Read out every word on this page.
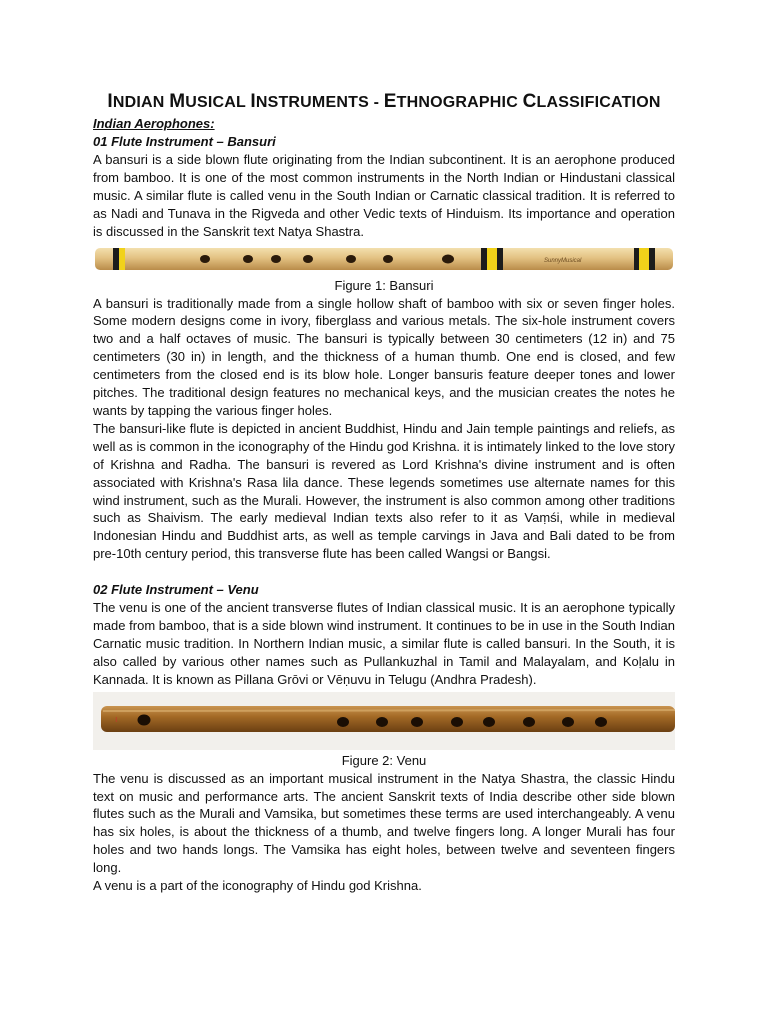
INDIAN MUSICAL INSTRUMENTS - ETHNOGRAPHIC CLASSIFICATION
Indian Aerophones:
01 Flute Instrument – Bansuri

A bansuri is a side blown flute originating from the Indian subcontinent. It is an aerophone produced from bamboo. It is one of the most common instruments in the North Indian or Hindustani classical music. A similar flute is called venu in the South Indian or Carnatic classical tradition. It is referred to as Nadi and Tunava in the Rigveda and other Vedic texts of Hinduism. Its importance and operation is discussed in the Sanskrit text Natya Shastra.

SunnyMusical
Figure 1: Bansuri

A bansuri is traditionally made from a single hollow shaft of bamboo with six or seven finger holes. Some modern designs come in ivory, fiberglass and various metals. The six-hole instrument covers two and a half octaves of music. The bansuri is typically between 30 centimeters (12 in) and 75 centimeters (30 in) in length, and the thickness of a human thumb. One end is closed, and few centimeters from the closed end is its blow hole. Longer bansuris feature deeper tones and lower pitches. The traditional design features no mechanical keys, and the musician creates the notes he wants by tapping the various finger holes.

The bansuri-like flute is depicted in ancient Buddhist, Hindu and Jain temple paintings and reliefs, as well as is common in the iconography of the Hindu god Krishna. it is intimately linked to the love story of Krishna and Radha. The bansuri is revered as Lord Krishna's divine instrument and is often associated with Krishna's Rasa lila dance. These legends sometimes use alternate names for this wind instrument, such as the Murali. However, the instrument is also common among other traditions such as Shaivism. The early medieval Indian texts also refer to it as Vaṃśi, while in medieval Indonesian Hindu and Buddhist arts, as well as temple carvings in Java and Bali dated to be from pre-10th century period, this transverse flute has been called Wangsi or Bangsi.

02 Flute Instrument – Venu

The venu is one of the ancient transverse flutes of Indian classical music. It is an aerophone typically made from bamboo, that is a side blown wind instrument. It continues to be in use in the South Indian Carnatic music tradition. In Northern Indian music, a similar flute is called bansuri. In the South, it is also called by various other names such as Pullankuzhal in Tamil and Malayalam, and Koḷalu in Kannada. It is known as Pillana Grōvi or Vēṇuvu in Telugu (Andhra Pradesh).

ı
Figure 2: Venu

The venu is discussed as an important musical instrument in the Natya Shastra, the classic Hindu text on music and performance arts. The ancient Sanskrit texts of India describe other side blown flutes such as the Murali and Vamsika, but sometimes these terms are used interchangeably. A venu has six holes, is about the thickness of a thumb, and twelve fingers long. A longer Murali has four holes and two hands longs. The Vamsika has eight holes, between twelve and seventeen fingers long.

A venu is a part of the iconography of Hindu god Krishna.
